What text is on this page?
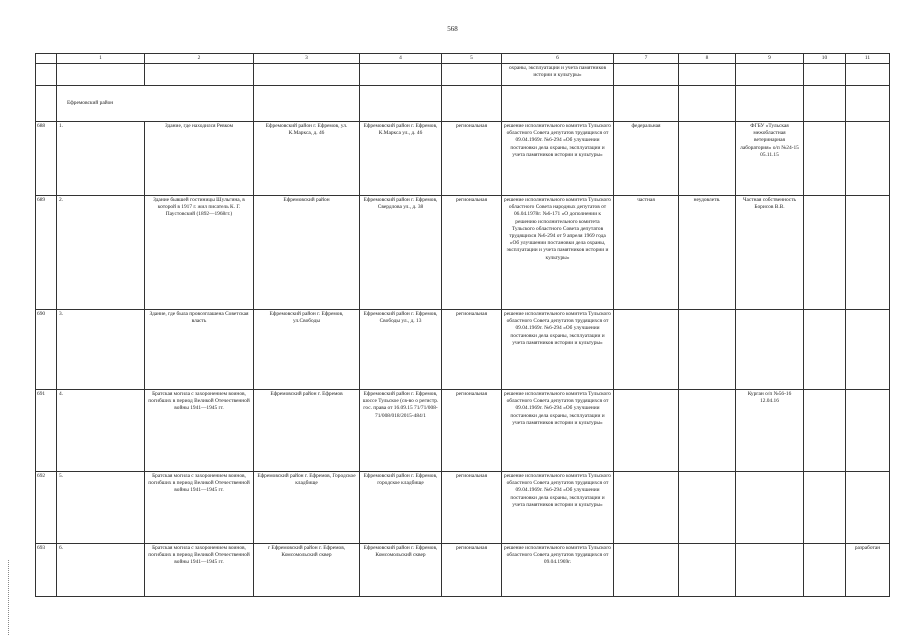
568
	1	2	3	4	5	6	7	8	9	10	11
						охраны, эксплуатации и учета памятников истории и культуры»					
	Ефремовский район										
688	1.	Здание, где находился Ревком	Ефремовский район г. Ефремов, ул. К.Маркса, д. 46	Ефремовский район г. Ефремов, К.Маркса ул., д. 46	региональная	решение исполнительного комитета Тульского областного Совета депутатов трудящихся от 09.04.1969г. №6-294 «Об улучшении постановки дела охраны, эксплуатации и учета памятников истории и культуры»	федеральная		ФГБУ «Тульская межобластная ветеринарная лаборатория» о/п №24-15 05.11.15		
689	2.	Здание бывшей гостиницы Шульгина, в которой в 1917 г. жил писатель К. Г. Паустовский (1892—1968гг.)	Ефремовский район	Ефремовский район г. Ефремов, Свердлова ул., д. 38	региональная	решение исполнительного комитета Тульского областного Совета народных депутатов от 06.04.1978г. №6-171 «О дополнении к решению исполнительного комитета Тульского областного Совета депутатов трудящихся №6-294 от 9 апреля 1969 года «Об улучшении постановки дела охраны, эксплуатации и учета памятников истории и культуры»	частная	неудовлетв.	Частная собственность Борисов В.В.		
690	3.	Здание, где была провозглашена Советская власть	Ефремовский район г. Ефремов, ул.Свободы	Ефремовский район г. Ефремов, Свободы ул., д. 13	региональная	решение исполнительного комитета Тульского областного Совета депутатов трудящихся от 09.04.1969г. №6-294 «Об улучшении постановки дела охраны, эксплуатации и учета памятников истории и культуры»					
691	4.	Братская могила с захоронением воинов, погибших в период Великой Отечественной войны 1941—1945 гг.	Ефремовский район г. Ефремов	Ефремовский район г. Ефремов, шоссе Тульское (св-во о регистр. гос. права от 16.09.15 71/71/008-71/008/018/2015-484/1	региональная	решение исполнительного комитета Тульского областного Совета депутатов трудящихся от 09.04.1969г. №6-294 «Об улучшении постановки дела охраны, эксплуатации и учета памятников истории и культуры»			Курган о/п №56-16 12.04.16		
692	5.	Братская могила с захоронением воинов, погибших в период Великой Отечественной войны 1941—1945 гг.	Ефремовский район г. Ефремов, Городское кладбище	Ефремовский район г. Ефремов, городское кладбище	региональная	решение исполнительного комитета Тульского областного Совета депутатов трудящихся от 09.04.1969г. №6-294 «Об улучшении постановки дела охраны, эксплуатации и учета памятников истории и культуры»					
693	6.	Братская могила с захоронением воинов, погибших в период Великой Отечественной войны 1941—1945 гг.	г Ефремовский район г. Ефремов, Комсомольский сквер	Ефремовский район г. Ефремов, Комсомольский сквер	региональная	решение исполнительного комитета Тульского областного Совета депутатов трудящихся от 09.04.1969г.					разработан
